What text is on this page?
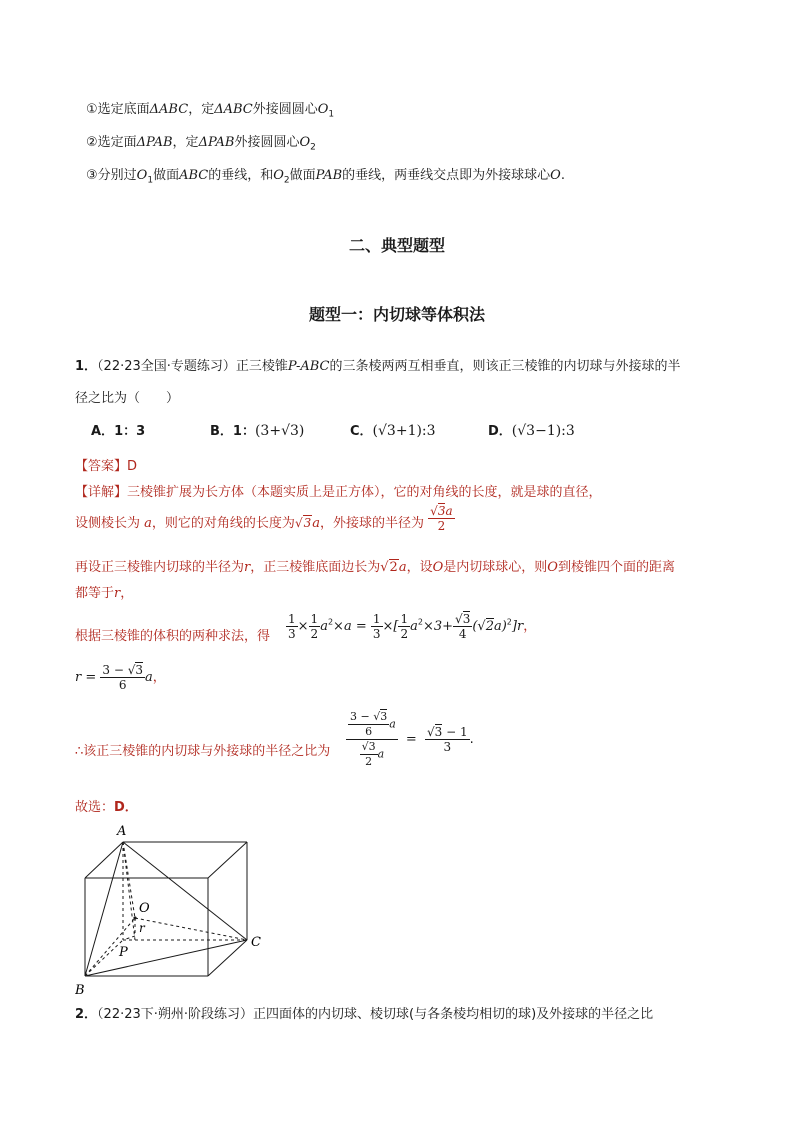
①选定底面ΔABC，定ΔABC外接圆圆心$O_1$
②选定面ΔPAB，定ΔPAB外接圆圆心$O_2$
③分别过$O_1$做面ABC的垂线，和$O_2$做面PAB的垂线，两垂线交点即为外接球球心O.
二、典型题型
题型一：内切球等体积法
1．（22·23全国·专题练习）正三棱锥P-ABC的三条棱两两互相垂直，则该正三棱锥的内切球与外接球的半
径之比为（　　）
A．1：3	B．1：(3+√3)	C．(√3+1):3	D．(√3−1):3
【答案】D
【详解】三棱锥扩展为长方体（本题实质上是正方体），它的对角线的长度，就是球的直径，
设侧棱长为 a，则它的对角线的长度为√3a，外接球的半径为 $\frac{√3a}{2}$
再设正三棱锥内切球的半径为r，正三棱锥底面边长为√2a，设O是内切球球心，则O到棱锥四个面的距离
都等于r，
根据三棱锥的体积的两种求法，得 $\frac{1}{3} \times \frac{1}{2} a^2\times a = \frac{1}{3}$ ×[ $\frac{1}{2} a^2\times 3+ \frac{√3}{4} (√2a)^2]r$，
$r = \frac{3 - √3}{6}$ a，
∴该正三棱锥的内切球与外接球的半径之比为 $\frac{\frac{3 - √3}{6} a}{\frac{√3}{2} a} = \frac{√3 - 1}{3}$ .
故选：D．
A
O
r
C
P
B
2．（22·23下·朔州·阶段练习）正四面体的内切球、棱切球(与各条棱均相切的球)及外接球的半径之比
